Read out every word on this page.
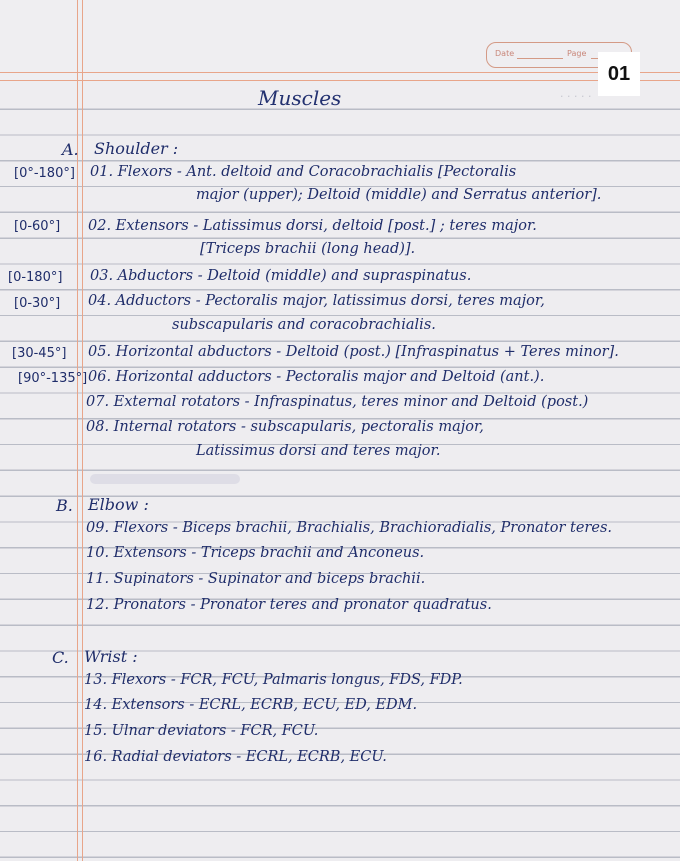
Date	Page
01
· · · · ·
Muscles
A. Shoulder :
[0°-180°] 01. Flexors - Ant. deltoid and Coracobrachialis [Pectoralis
major (upper); Deltoid (middle) and Serratus anterior].
[0-60°] 02. Extensors - Latissimus dorsi, deltoid [post.] ; teres major.
[Triceps brachii (long head)].
[0-180°] 03. Abductors - Deltoid (middle) and supraspinatus.
[0-30°] 04. Adductors - Pectoralis major, latissimus dorsi, teres major,
subscapularis and coracobrachialis.
[30-45°] 05. Horizontal abductors - Deltoid (post.) [Infraspinatus + Teres minor].
[90°-135°] 06. Horizontal adductors - Pectoralis major and Deltoid (ant.).
07. External rotators - Infraspinatus, teres minor and Deltoid (post.)
08. Internal rotators - subscapularis, pectoralis major,
Latissimus dorsi and teres major.
B. Elbow :
09. Flexors - Biceps brachii, Brachialis, Brachioradialis, Pronator teres.
10. Extensors - Triceps brachii and Anconeus.
11. Supinators - Supinator and biceps brachii.
12. Pronators - Pronator teres and pronator quadratus.
C. Wrist :
13. Flexors - FCR, FCU, Palmaris longus, FDS, FDP.
14. Extensors - ECRL, ECRB, ECU, ED, EDM.
15. Ulnar deviators - FCR, FCU.
16. Radial deviators - ECRL, ECRB, ECU.
